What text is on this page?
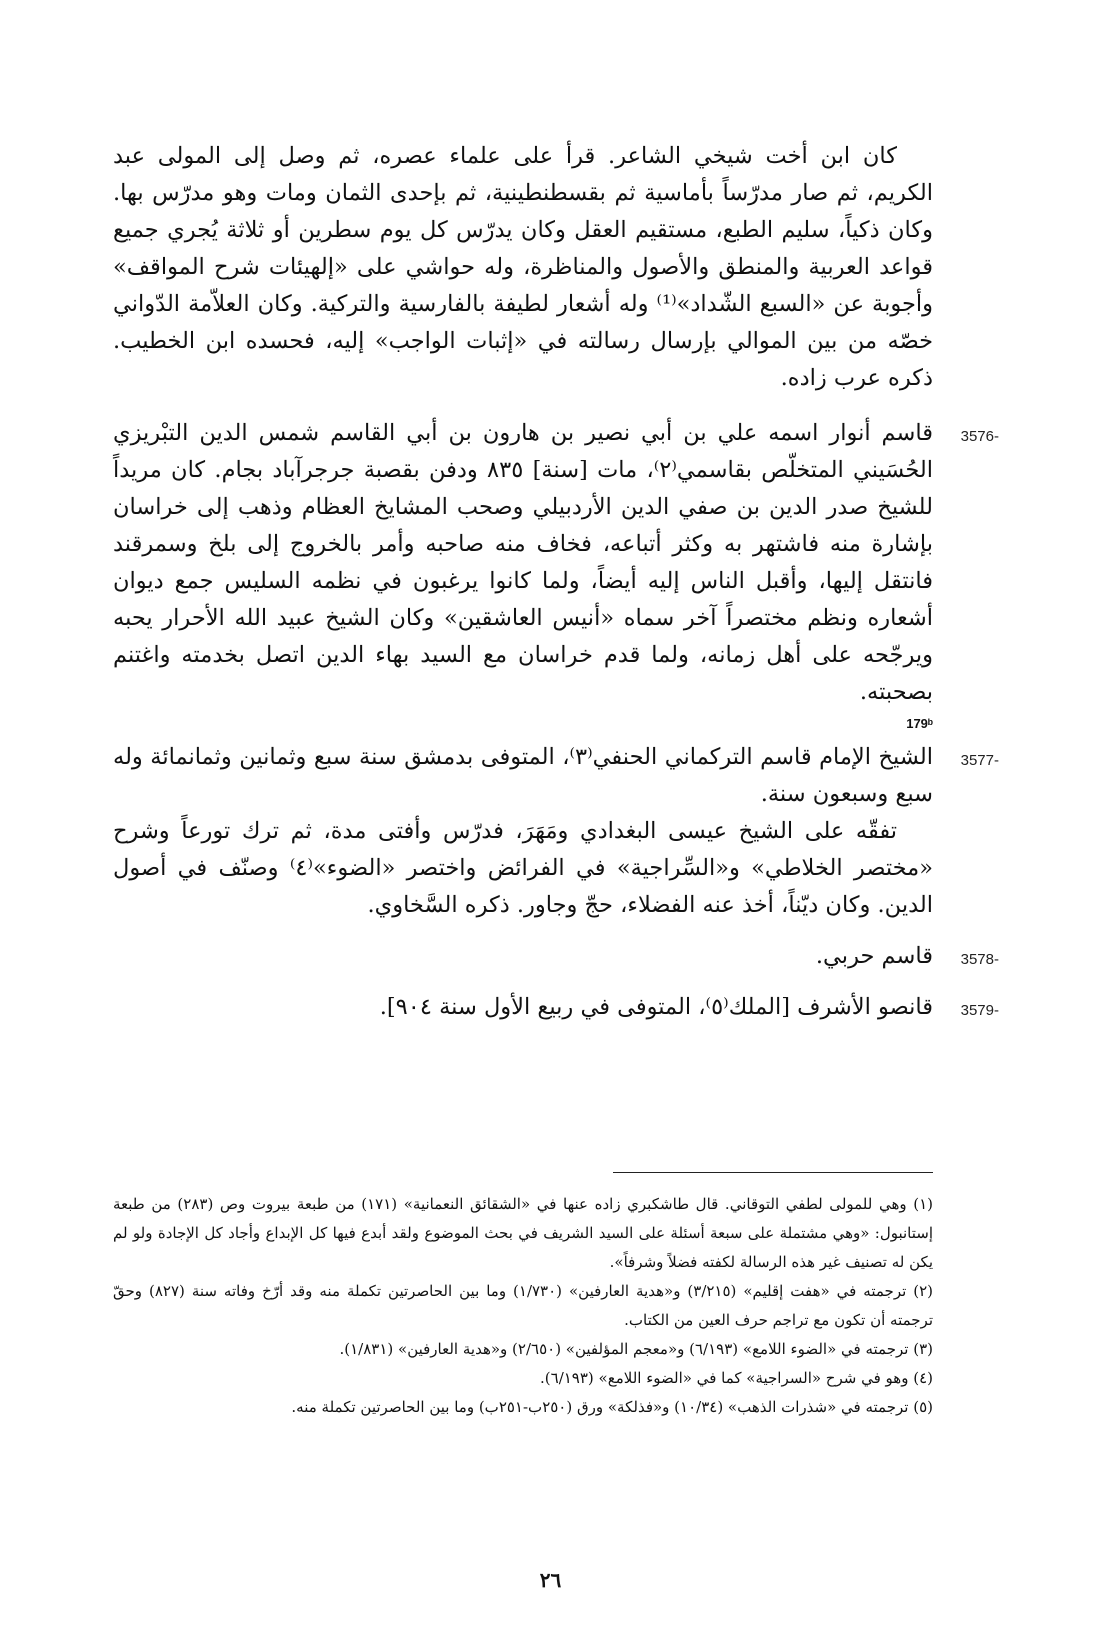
كان ابن أخت شيخي الشاعر. قرأ على علماء عصره، ثم وصل إلى المولى عبد الكريم، ثم صار مدرّساً بأماسية ثم بقسطنطينية، ثم بإحدى الثمان ومات وهو مدرّس بها. وكان ذكياً، سليم الطبع، مستقيم العقل وكان يدرّس كل يوم سطرين أو ثلاثة يُجري جميع قواعد العربية والمنطق والأصول والمناظرة، وله حواشي على «إلهيئات شرح المواقف» وأجوبة عن «السبع الشّداد»⁽¹⁾ وله أشعار لطيفة بالفارسية والتركية. وكان العلاّمة الدّواني خصّه من بين الموالي بإرسال رسالته في «إثبات الواجب» إليه، فحسده ابن الخطيب. ذكره عرب زاده.

3576-

قاسم أنوار اسمه علي بن أبي نصير بن هارون بن أبي القاسم شمس الدين التبْريزي الحُسَيني المتخلّص بقاسمي⁽٢⁾، مات [سنة] ٨٣٥ ودفن بقصبة جرجرآباد بجام. كان مريداً للشيخ صدر الدين بن صفي الدين الأردبيلي وصحب المشايخ العظام وذهب إلى خراسان بإشارة منه فاشتهر به وكثر أتباعه، فخاف منه صاحبه وأمر بالخروج إلى بلخ وسمرقند فانتقل إليها، وأقبل الناس إليه أيضاً، ولما كانوا يرغبون في نظمه السليس جمع ديوان أشعاره ونظم مختصراً آخر سماه «أنيس العاشقين» وكان الشيخ عبيد الله الأحرار يحبه ويرجّحه على أهل زمانه، ولما قدم خراسان مع السيد بهاء الدين اتصل بخدمته واغتنم بصحبته.

179ᵇ
3577-

الشيخ الإمام قاسم التركماني الحنفي⁽٣⁾، المتوفى بدمشق سنة سبع وثمانين وثمانمائة وله سبع وسبعون سنة.

تفقّه على الشيخ عيسى البغدادي ومَهَرَ، فدرّس وأفتى مدة، ثم ترك تورعاً وشرح «مختصر الخلاطي» و«السِّراجية» في الفرائض واختصر «الضوء»⁽٤⁾ وصنّف في أصول الدين. وكان ديّناً، أخذ عنه الفضلاء، حجّ وجاور. ذكره السَّخاوي.

3578-

قاسم حربي.

3579-

قانصو الأشرف [الملك⁽٥⁾، المتوفى في ربيع الأول سنة ٩٠٤].

(١) وهي للمولى لطفي التوقاني. قال طاشكبري زاده عنها في «الشقائق النعمانية» (١٧١) من طبعة بيروت وص (٢٨٣) من طبعة إستانبول: «وهي مشتملة على سبعة أسئلة على السيد الشريف في بحث الموضوع ولقد أبدع فيها كل الإبداع وأجاد كل الإجادة ولو لم يكن له تصنيف غير هذه الرسالة لكفته فضلاً وشرفاً».

(٢) ترجمته في «هفت إقليم» (٣/٢١٥) و«هدية العارفين» (١/٧٣٠) وما بين الحاصرتين تكملة منه وقد أرّخ وفاته سنة (٨٢٧) وحقّ ترجمته أن تكون مع تراجم حرف العين من الكتاب.

(٣) ترجمته في «الضوء اللامع» (٦/١٩٣) و«معجم المؤلفين» (٢/٦٥٠) و«هدية العارفين» (١/٨٣١).

(٤) وهو في شرح «السراجية» كما في «الضوء اللامع» (٦/١٩٣).

(٥) ترجمته في «شذرات الذهب» (١٠/٣٤) و«فذلكة» ورق (٢٥٠ب-٢٥١ب) وما بين الحاصرتين تكملة منه.

٢٦
